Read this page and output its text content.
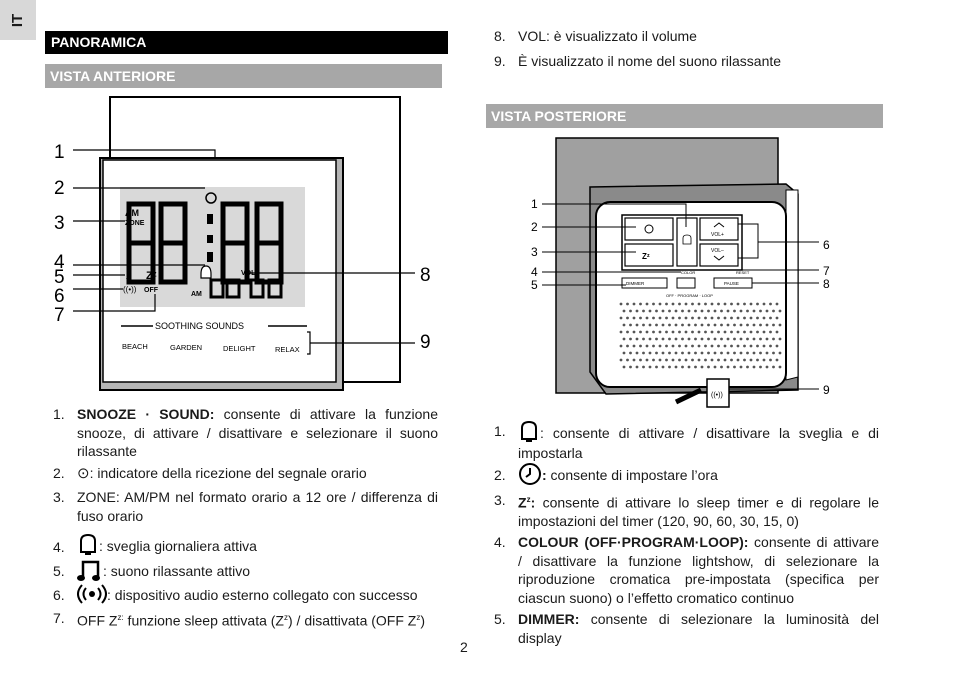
IT
PANORAMICA
VISTA ANTERIORE
AM
ZONE
♫ Zᶻ
((•)) OFF
AM
VOL
SOOTHING SOUNDS
BEACH	GARDEN	DELIGHT	RELAX
1
2
3
4
5
6
7
8
9
1. SNOOZE · SOUND: consente di attivare la funzione snooze, di attivare / disattivare e selezionare il suono rilassante
2. ⊙: indicatore della ricezione del segnale orario
3. ZONE: AM/PM nel formato orario a 12 ore / differenza di fuso orario
4.	: sveglia giornaliera attiva
5.	: suono rilassante attivo
6.	: dispositivo audio esterno collegato con successo
7. OFF $Z^{z:}$ funzione sleep attivata $(Z^z)$ / disattivata (OFF $Z^z$)
8. VOL: è visualizzato il volume
9. È visualizzato il nome del suono rilassante
VISTA POSTERIORE
Zᶻ
VOL+
VOL–
COLOR	RESET
DIMMER	PAUSE
OFF · PROGRAM · LOOP
((•))
1
2
3
4
5
6
7
8
9
1.	: consente di attivare / disattivare la sveglia e di impostarla
2.	: consente di impostare l’ora
3. $Z^z$: consente di attivare lo sleep timer e di regolare le impostazioni del timer (120, 90, 60, 30, 15, 0)
4. COLOUR (OFF·PROGRAM·LOOP): consente di attivare / disattivare la funzione lightshow, di selezionare la riproduzione cromatica pre-impostata (specifica per ciascun suono) o l’effetto cromatico continuo
5. DIMMER: consente di selezionare la luminosità del display
2
